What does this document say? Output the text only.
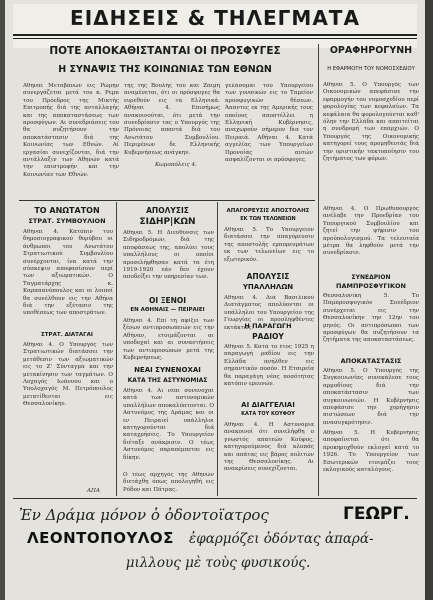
ΕΙΔΗΣΕΙΣ & ΤΗΛΕΓΜΑΤΑ
ΠΟΤΕ ΑΠΟΚΑΘΙΣΤΑΝΤΑΙ ΟΙ ΠΡΟΣΦΥΓΕΣ
Η ΣΥΝΑΨΙΣ ΤΗΣ ΚΟΙΝΩΝΙΑΣ ΤΩΝ ΕΘΝΩΝ
Αθήναι Μεταβάνων εις Ρώμην συνεργάζεται μετά του κ. Ρεμπ του Πρόεδρος της Μικτής Επιτροπής διά της ανταλλαγής και της αποκαταστάσεως των προσφύγων. Αι συνεδριάσεις του θα συζητήσουν την αποκατάστασιν διά της Κοινωνίας των Εθνών. Αί εργασίαι συνεχίζονται, διά την αντάλλαξιν των Αθηνών κατά την επιστροφήν και την Κοινωνίαν των Εθνών.
της της Βουλής του και Ζαϊμη αναμένεται, ότι οι πρόσφυγες θα ευρεθούν εις τα Ελληνικά. Αθήναι 4. Επισήμως ανακοινούται, ότι μετά την συνεδρίασιν τας ο Υπουργός της Πρόνοιας απαντά διά του Ανωτάτου Συμβουλίου. Περιμένων δε Ελληνικής Κυβερνήσεως ανάγκην.
Κωμοπόλεις 4.
γελάσομαι του Υπουργείου των γυναικών εις το Ταμείον προσφυγικών θέσεων. Άπαντες εκ της Αμερικής τους οποίους αποστέλλει η Ελληνική Κυβέρνησις, αναχωρούν σήμερον δια τον Πειραιά. Αθήναι 4. Κατά αγγελίας των Υπουργείων Προνοίας αυτών ασφαλίζονται οι πρόσφυγες.
ΟΡΑΦΗΡΟΓΥΝΗ
Η ΕΦΑΡΜΟΓΗ ΤΟΥ ΝΟΜΟΣΧΕΔΙΟΥ
Αθήναι 5. Ο Υπουργός των Οικονομικών απεφάσισε την εφαρμογήν του νομοσχεδίου περί φορολογίας των κεφαλαίων. Τα κεφάλαια θα φορολογούνται καθ' όλην την Ελλάδα και απαιτείται η συνδρομή των επαρχιών. Ο Υπουργός της Οικονομικής κατηγορεί τους προμηθευτάς διά την οριστικήν τακτοποίησιν του ζητήματος των φόρων.
ΤΟ ΑΝΩΤΑΤΟΝ
ΣΤΡΑΤ. ΣΥΜΒΟΥΛΙΟΝ
Αθήναι 4. Κατόπιν του δημοσιογραφικού θορύβου οι άνθρωποι του Ανωτάτου Στρατιωτικού Συμβουλίου συνέρχονται, ίνα κατά την σύσκεψιν αποφασίσουν περί των αξιωματικών. Ο Ταγματάρχης κ. Καραπανόπουλος και οι λοιποί θα συνέλθουν εις την Αθήνα διά την εξέτασιν της υποθέσεως των αποστράτων.
ΣΤΡΑΤ. ΔΙΑΤΑΓΑΙ
Αθήναι 4. Ο Υπουργός των Στρατιωτικών διατάσσει την μετάθεσιν των αξιωματικών εις το Ζ' Σύνταγμα και την μετακίνησιν των ταγμάτων. Ο Λοχαγός Ιωάννου και ο Υπολοχαγός Μ. Πετρόπουλος μετατίθενται εις Θεσσαλονίκην.
ΑΠΑ
ΑΠΟΛΥΣΙΣ
ΣΙΔΗΡ|ΚΩΝ
Αθήναι 5. Η Διεύθυνσις των Σιδηροδρόμων, διά της αποφάσεως της, απολύει τους υπαλλήλους οι οποίοι προσελήφθησαν κατά τα έτη 1919-1920 εάν δεν έχουν αποδείξει την υπηρεσίαν των.
ΟΙ ΞΕΝΟΙ
ΕΝ ΑΘΗΝΑΙΣ — ΠΕΙΡΑΙΕΙ
Αθήναι 4. Επί τη αφίξει των ξένων αντιπροσωπειών εις την Αθήναν, ετοιμάζονται αι υποδοχαί και αι συναντήσεις των αντιπροσώπων μετά της Κυβερνήσεως.
ΝΕΑΙ ΣΥΝΕΝΟΧΑΙ
ΚΑΤΑ ΤΗΣ ΑΣΤΥΝΟΜΙΑΣ
Αθήναι 4. Αι νέαι συνενοχαί κατά των αστυνομικών υπαλλήλων αποκαλύπτονται. Ο Αστυνόμος της Δράμας και οι εν Πειραιεί υπάλληλοι κατηγορούνται διά καταχρήσεις. Το Υπουργείον διέταξε ανάκρισιν. Ο τέως Αστυνόμος παραπέμπεται εις δίκην.
Ο τέως αρχηγός της Αθηνών διετάχθη όπως απολογηθή εις Ρόδον και Πάτρας.
ΑΠΑΓΟΡΕΥΣΙΣ ΑΠΟΣΤΟΛΗΣ
ΕΚ ΤΩΝ ΤΕΛΩΝΕΙΩΝ
Αθήναι 5. Το Υπουργείον διατάσσει την απαγόρευσιν της αποστολής εμπορευμάτων εκ των τελωνείων εις το εξωτερικόν.
ΑΠΟΛΥΣΙΣ
ΥΠΑΛΛΗΛΩΝ
Αθήναι 4. Διά Βασιλικού Διατάγματος απολύονται οι υπάλληλοι του Υπουργείου της Γεωργίας οι προσληφθέντες εκτάκτως.
Η ΠΑΡΑΓΩΓΗ
ΡΑΔΙΟΥ
Αθήναι 5. Κατά το έτος 1925 η παραγωγή ραδίου εις την Ελλάδα ανήλθεν εις σημαντικόν ποσόν. Η Εταιρεία θα παραγάγη νέας ποσότητας κατόπιν ερευνών.
ΑΙ ΔΙΑΓΓΕΛΙΑΙ
ΚΑΤΑ ΤΟΥ ΚΟΥΦΟΥ
Αθήναι 4. Η Αστυνομία ανακοινοί ότι συνελήφθη ο γνωστός απατεών Κούφος, κατηγορούμενος διά κλοπάς και απάτας εις βάρος πολιτών της Θεσσαλονίκης. Αι ανακρίσεις συνεχίζονται.
Αθήναι 4. Ο Πρωθυπουργός ανέλαβε την Προεδρίαν του Υπουργικού Συμβουλίου και ζητεί την ψήφισιν του προϋπολογισμού. Τα τελευταία μέτρα θα ληφθούν μετά την συνεδρίασιν.
ΣΥΝΕΔΡΙΟΝ
ΠΑΜΠΡΟΣΦΥΓΙΚΟΝ
Θεσσαλονίκη 5. Το Παμπροσφυγικόν Συνέδριον συνέρχεται εις την Θεσσαλονίκην την 12ην του μηνός. Οι αντιπρόσωποι των προσφύγων θα συζητήσουν τα ζητήματα της αποκαταστάσεως.
ΑΠΟΚΑΤΑΣΤΑΣΙΣ
Αθήναι 5. Ο Υπουργός της Συγκοινωνίας συνεκάλεσε τους αρμοδίους διά την αποκατάστασιν των συγκοινωνιών. Η Κυβέρνησις απεφάσισε την χορήγησιν πιστώσεων διά την ανασυγκρότησιν.
Αθήναι 5. Η Κυβέρνησις αποφαίνεται ότι θα προκηρυχθούν εκλογαί κατά το 1926. Το Υπουργείον των Εσωτερικών ετοιμάζει τους εκλογικούς καταλόγους.
Ἐν Δράμα μόνον ὁ ὀδοντοϊατρος	ΓΕΩΡΓ.
ΛΕΟΝΤΟΠΟΥΛΟΣ ἐφαρμόζει ὀδόντας ἀπαρά-
μιλλους μὲ τοὺς φυσικούς.
